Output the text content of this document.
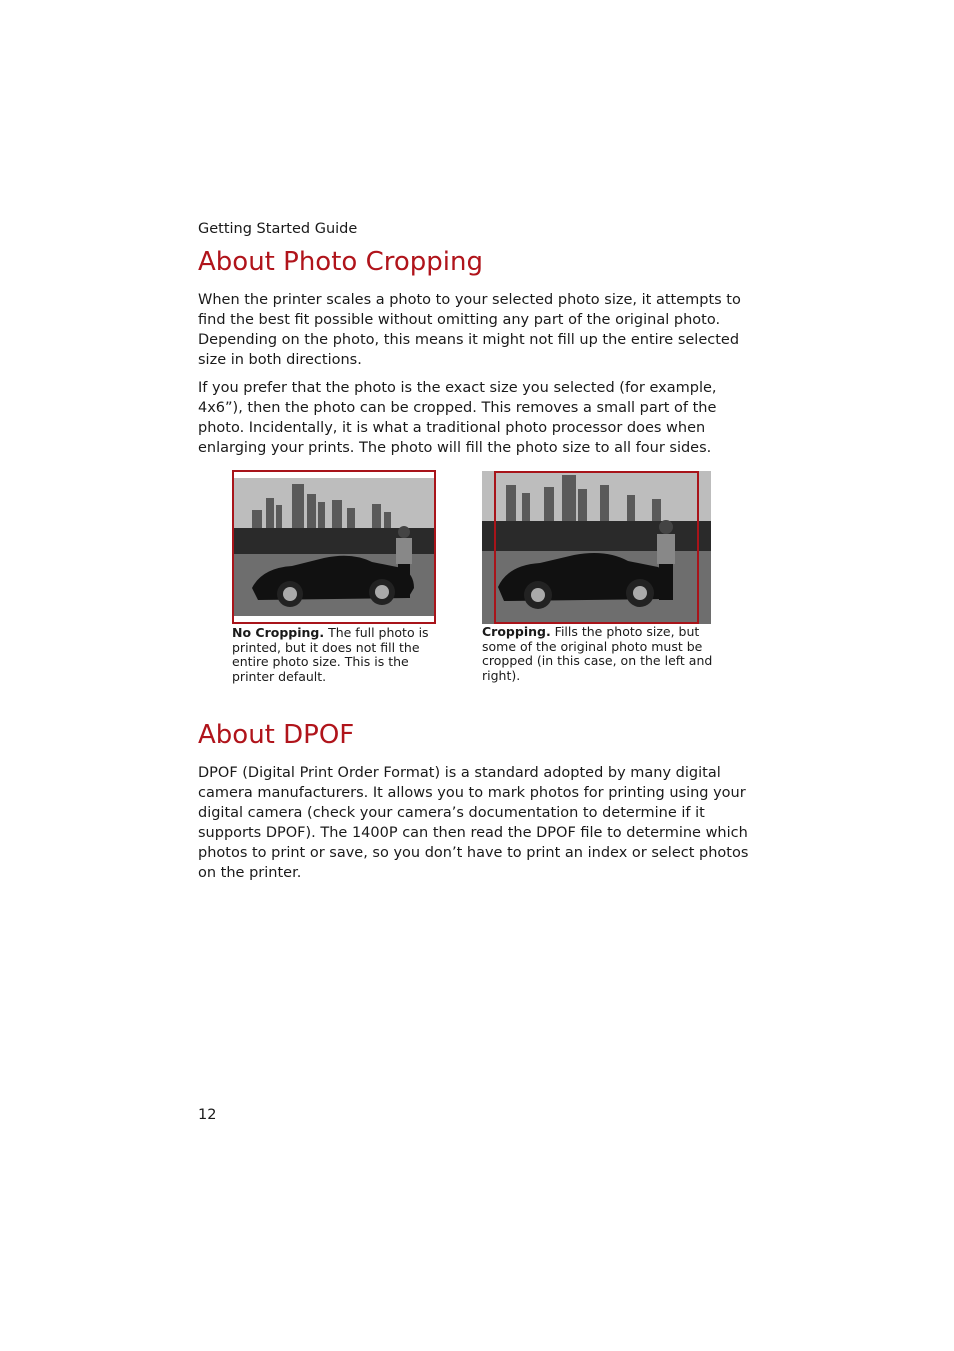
Getting Started Guide
About Photo Cropping

When the printer scales a photo to your selected photo size, it attempts to find the best fit possible without omitting any part of the original photo. Depending on the photo, this means it might not fill up the entire selected size in both directions.

If you prefer that the photo is the exact size you selected (for example, 4x6”), then the photo can be cropped. This removes a small part of the photo. Incidentally, it is what a traditional photo processor does when enlarging your prints. The photo will fill the photo size to all four sides.

No Cropping. The full photo is printed, but it does not fill the entire photo size. This is the printer default.
Cropping. Fills the photo size, but some of the original photo must be cropped (in this case, on the left and right).
About DPOF

DPOF (Digital Print Order Format) is a standard adopted by many digital camera manufacturers. It allows you to mark photos for printing using your digital camera (check your camera’s documentation to determine if it supports DPOF). The 1400P can then read the DPOF file to determine which photos to print or save, so you don’t have to print an index or select photos on the printer.

12
